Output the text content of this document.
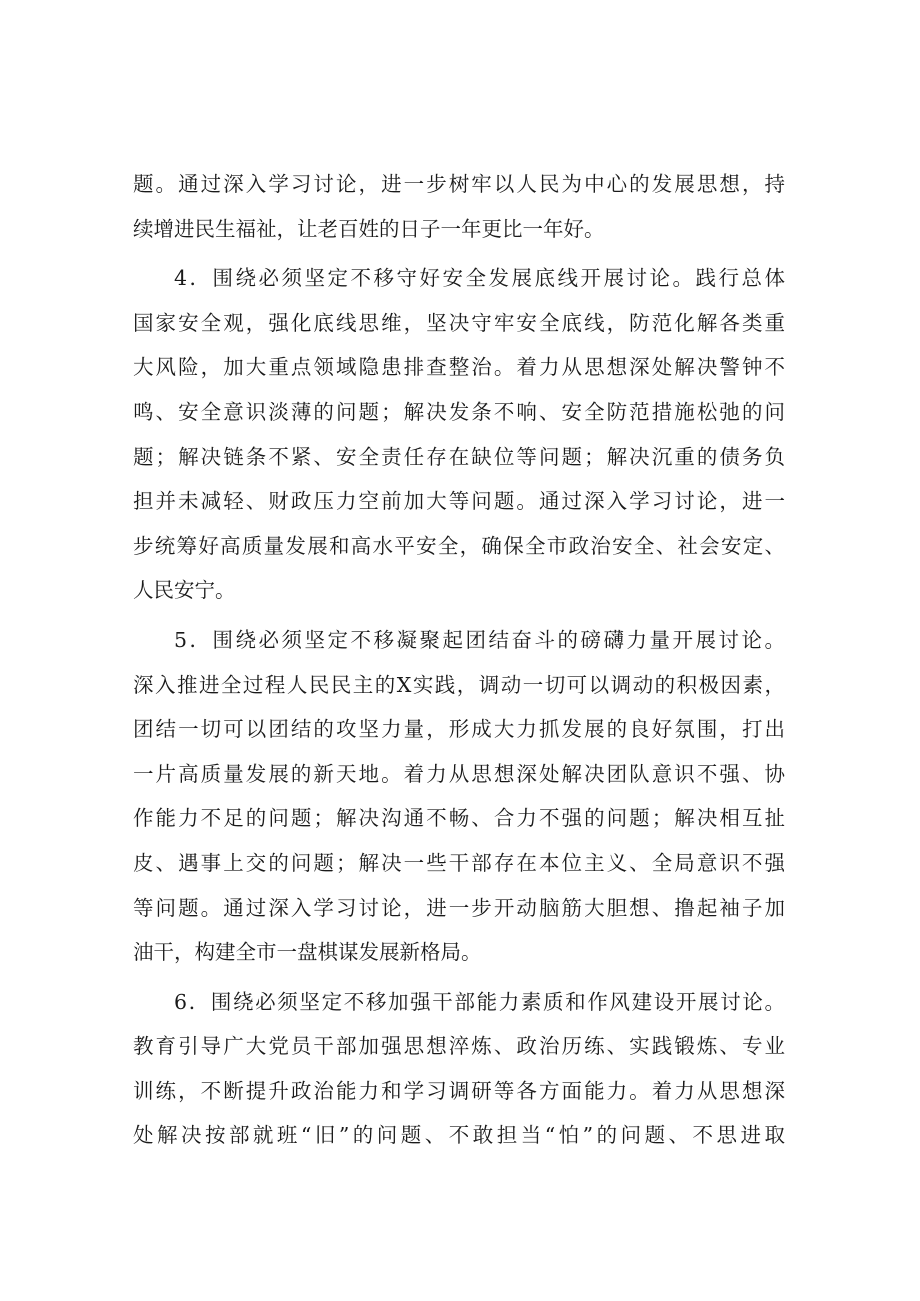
题。通过深入学习讨论，进一步树牢以人民为中心的发展思想，持
续增进民生福祉，让老百姓的日子一年更比一年好。
4．围绕必须坚定不移守好安全发展底线开展讨论。践行总体
国家安全观，强化底线思维，坚决守牢安全底线，防范化解各类重
大风险，加大重点领域隐患排查整治。着力从思想深处解决警钟不
鸣、安全意识淡薄的问题；解决发条不响、安全防范措施松弛的问
题；解决链条不紧、安全责任存在缺位等问题；解决沉重的债务负
担并未减轻、财政压力空前加大等问题。通过深入学习讨论，进一
步统筹好高质量发展和高水平安全，确保全市政治安全、社会安定、
人民安宁。
5．围绕必须坚定不移凝聚起团结奋斗的磅礴力量开展讨论。
深入推进全过程人民民主的X实践，调动一切可以调动的积极因素，
团结一切可以团结的攻坚力量，形成大力抓发展的良好氛围，打出
一片高质量发展的新天地。着力从思想深处解决团队意识不强、协
作能力不足的问题；解决沟通不畅、合力不强的问题；解决相互扯
皮、遇事上交的问题；解决一些干部存在本位主义、全局意识不强
等问题。通过深入学习讨论，进一步开动脑筋大胆想、撸起袖子加
油干，构建全市一盘棋谋发展新格局。
6．围绕必须坚定不移加强干部能力素质和作风建设开展讨论。
教育引导广大党员干部加强思想淬炼、政治历练、实践锻炼、专业
训练，不断提升政治能力和学习调研等各方面能力。着力从思想深
处解决按部就班“旧”的问题、不敢担当“怕”的问题、不思进取
